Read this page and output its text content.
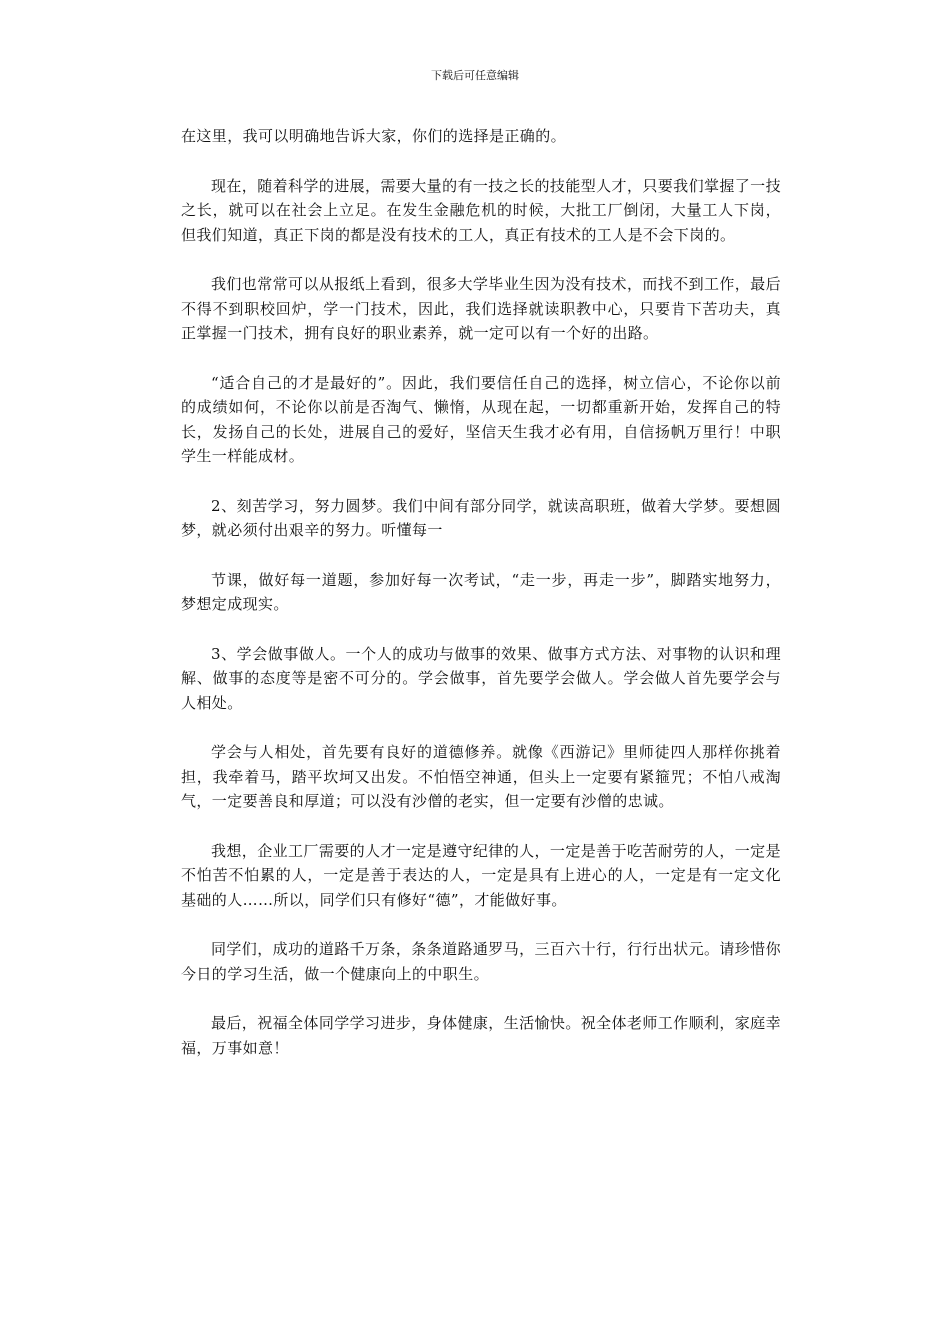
下载后可任意编辑

在这里，我可以明确地告诉大家，你们的选择是正确的。

现在，随着科学的进展，需要大量的有一技之长的技能型人才，只要我们掌握了一技之长，就可以在社会上立足。在发生金融危机的时候，大批工厂倒闭，大量工人下岗，但我们知道，真正下岗的都是没有技术的工人，真正有技术的工人是不会下岗的。

我们也常常可以从报纸上看到，很多大学毕业生因为没有技术，而找不到工作，最后不得不到职校回炉，学一门技术，因此，我们选择就读职教中心，只要肯下苦功夫，真正掌握一门技术，拥有良好的职业素养，就一定可以有一个好的出路。

“适合自己的才是最好的”。因此，我们要信任自己的选择，树立信心，不论你以前的成绩如何，不论你以前是否淘气、懒惰，从现在起，一切都重新开始，发挥自己的特长，发扬自己的长处，进展自己的爱好，坚信天生我才必有用，自信扬帆万里行！中职学生一样能成材。

2、刻苦学习，努力圆梦。我们中间有部分同学，就读高职班，做着大学梦。要想圆梦，就必须付出艰辛的努力。听懂每一

节课，做好每一道题，参加好每一次考试，“走一步，再走一步”，脚踏实地努力，梦想定成现实。

3、学会做事做人。一个人的成功与做事的效果、做事方式方法、对事物的认识和理解、做事的态度等是密不可分的。学会做事，首先要学会做人。学会做人首先要学会与人相处。

学会与人相处，首先要有良好的道德修养。就像《西游记》里师徒四人那样你挑着担，我牵着马，踏平坎坷又出发。不怕悟空神通，但头上一定要有紧箍咒；不怕八戒淘气，一定要善良和厚道；可以没有沙僧的老实，但一定要有沙僧的忠诚。

我想，企业工厂需要的人才一定是遵守纪律的人，一定是善于吃苦耐劳的人，一定是不怕苦不怕累的人，一定是善于表达的人，一定是具有上进心的人，一定是有一定文化基础的人……所以，同学们只有修好“德”，才能做好事。

同学们，成功的道路千万条，条条道路通罗马，三百六十行，行行出状元。请珍惜你今日的学习生活，做一个健康向上的中职生。

最后，祝福全体同学学习进步，身体健康，生活愉快。祝全体老师工作顺利，家庭幸福，万事如意！
